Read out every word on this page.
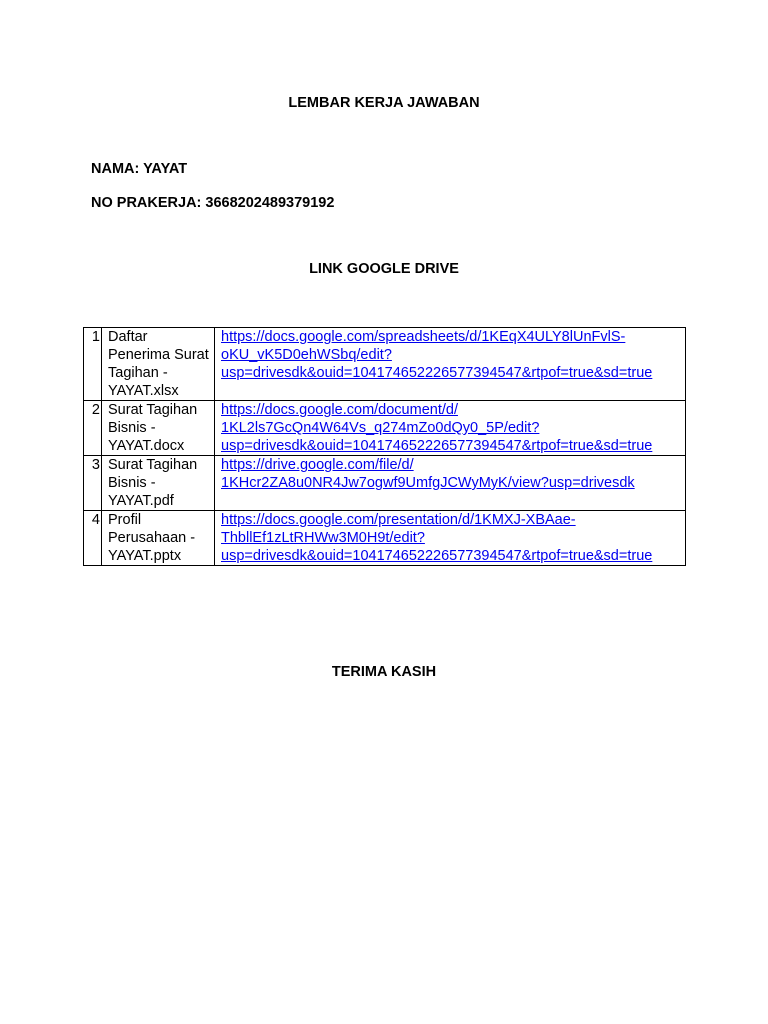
LEMBAR KERJA JAWABAN
NAMA: YAYAT
NO PRAKERJA: 3668202489379192
LINK GOOGLE DRIVE
1	Daftar Penerima Surat Tagihan - YAYAT.xlsx	https://docs.google.com/spreadsheets/d/1KEqX4ULY8lUnFvlS-
oKU_vK5D0ehWSbq/edit?
usp=drivesdk&ouid=104174652226577394547&rtpof=true&sd=true
2	Surat Tagihan Bisnis - YAYAT.docx	https://docs.google.com/document/d/
1KL2ls7GcQn4W64Vs_q274mZo0dQy0_5P/edit?
usp=drivesdk&ouid=104174652226577394547&rtpof=true&sd=true
3	Surat Tagihan Bisnis - YAYAT.pdf	https://drive.google.com/file/d/
1KHcr2ZA8u0NR4Jw7ogwf9UmfgJCWyMyK/view?usp=drivesdk
4	Profil Perusahaan - YAYAT.pptx	https://docs.google.com/presentation/d/1KMXJ-XBAae-
ThbllEf1zLtRHWw3M0H9t/edit?
usp=drivesdk&ouid=104174652226577394547&rtpof=true&sd=true
TERIMA KASIH
